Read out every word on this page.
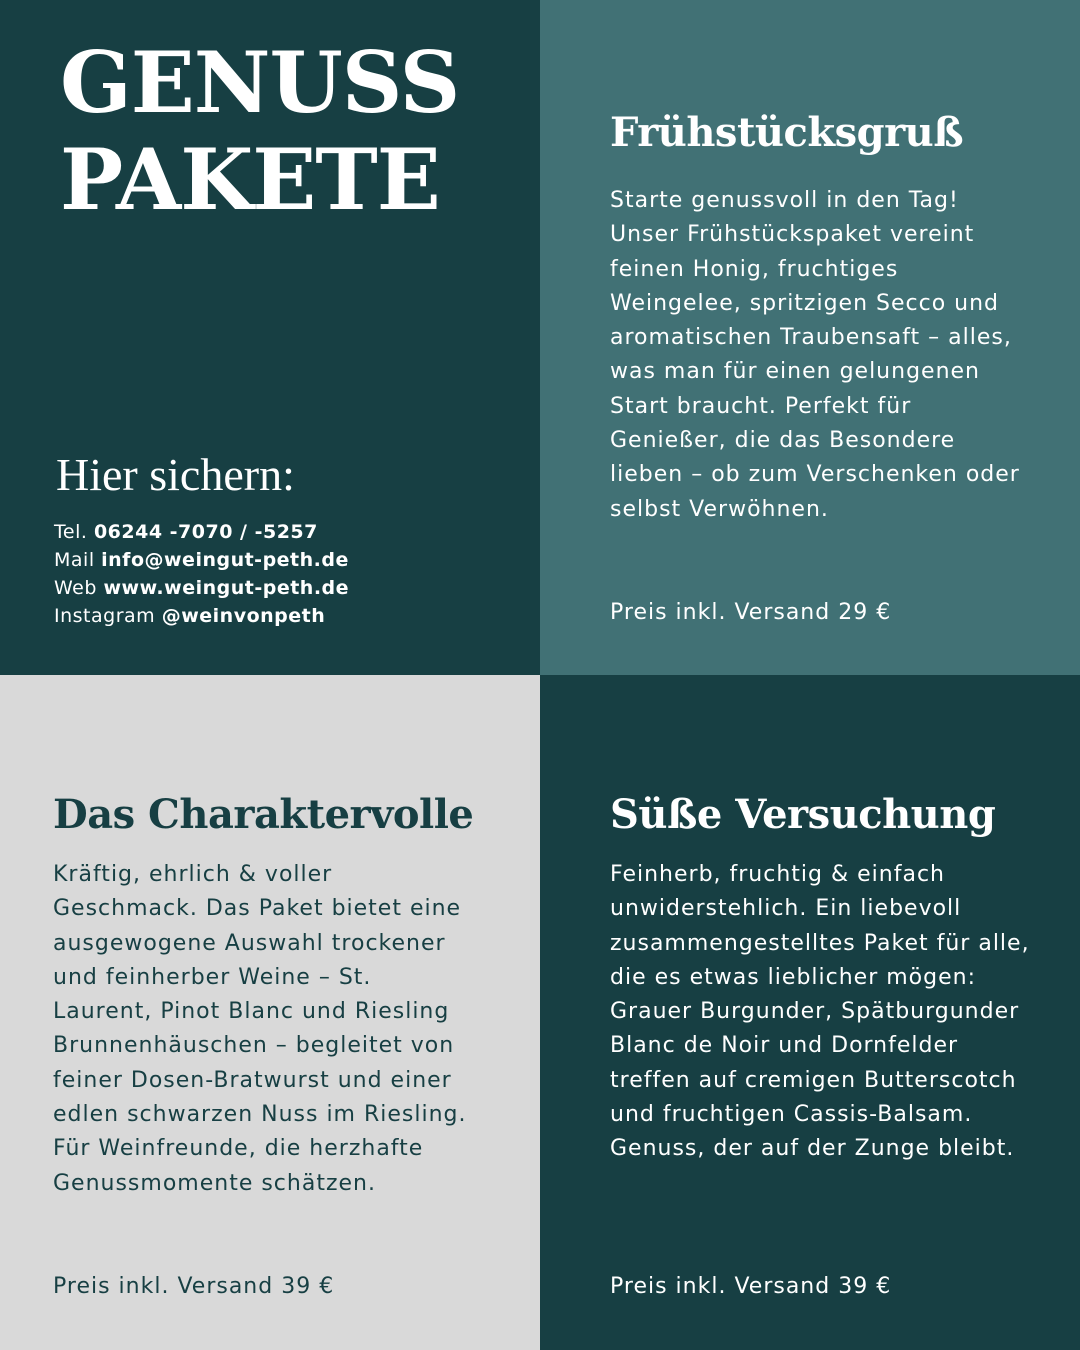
GENUSS
PAKETE
Hier sichern:
Tel. 06244 -7070 / -5257
Mail info@weingut-peth.de
Web www.weingut-peth.de
Instagram @weinvonpeth
Frühstücksgruß

Starte genussvoll in den Tag! Unser Frühstückspaket vereint feinen Honig, fruchtiges Weingelee, spritzigen Secco und aromatischen Traubensaft – alles, was man für einen gelungenen Start braucht. Perfekt für Genießer, die das Besondere lieben – ob zum Verschenken oder selbst Verwöhnen.

Preis inkl. Versand 29 €

Das Charaktervolle

Kräftig, ehrlich & voller Geschmack. Das Paket bietet eine ausgewogene Auswahl trockener und feinherber Weine – St. Laurent, Pinot Blanc und Riesling Brunnenhäuschen – begleitet von feiner Dosen-Bratwurst und einer edlen schwarzen Nuss im Riesling. Für Weinfreunde, die herzhafte Genussmomente schätzen.

Preis inkl. Versand 39 €

Süße Versuchung

Feinherb, fruchtig & einfach unwiderstehlich. Ein liebevoll zusammengestelltes Paket für alle, die es etwas lieblicher mögen: Grauer Burgunder, Spätburgunder Blanc de Noir und Dornfelder treffen auf cremigen Butterscotch und fruchtigen Cassis-Balsam. Genuss, der auf der Zunge bleibt.

Preis inkl. Versand 39 €
